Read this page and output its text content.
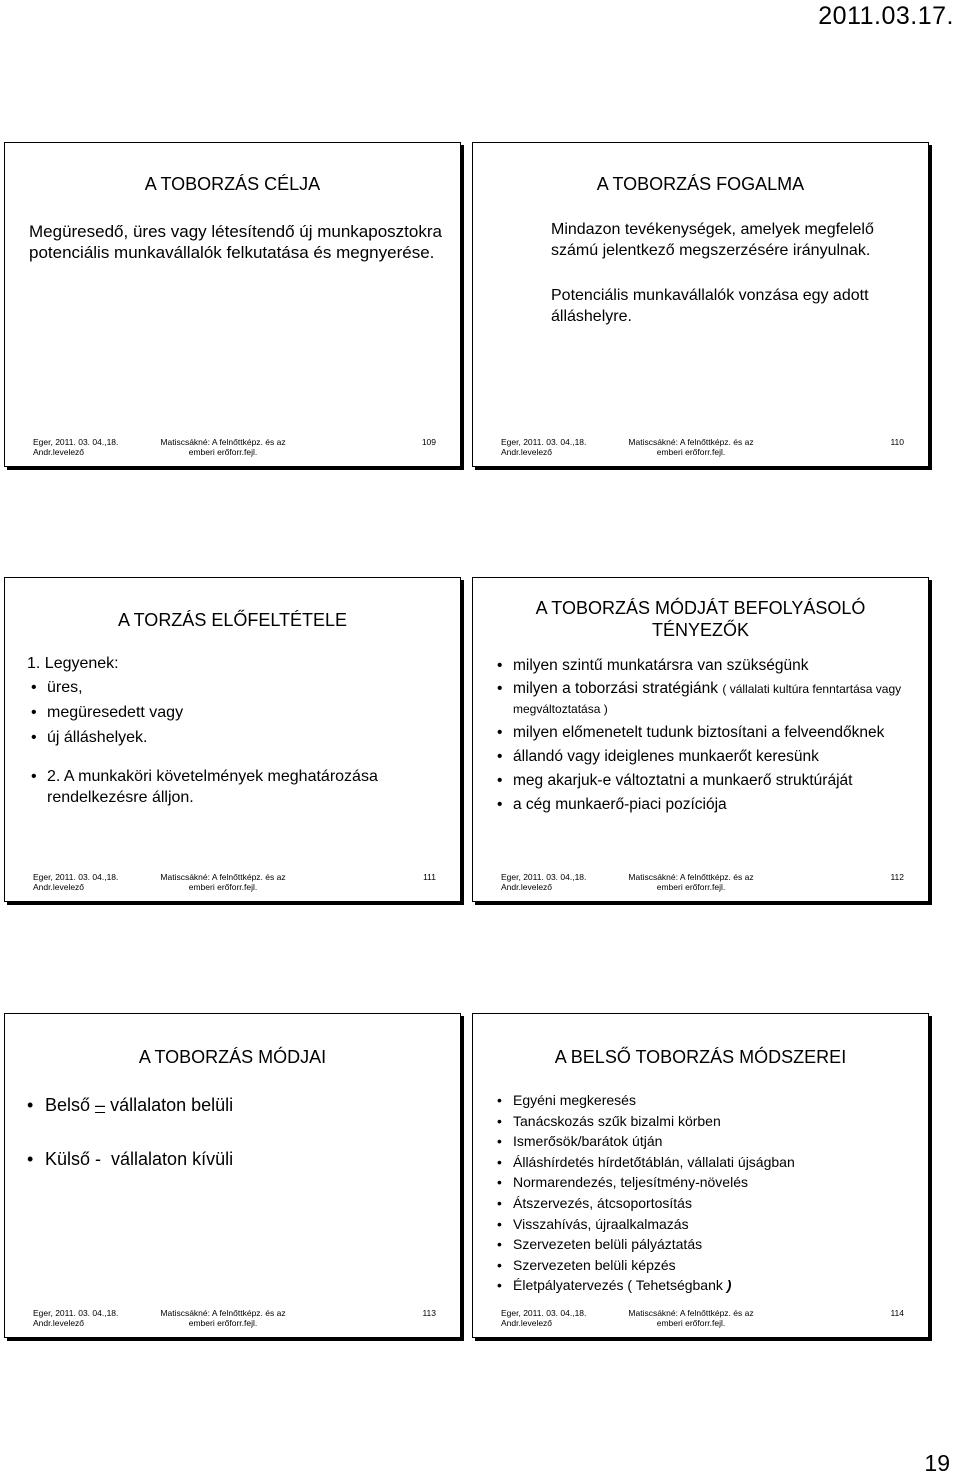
2011.03.17.
A TOBORZÁS CÉLJA

Megüresedő, üres vagy létesítendő új munkaposztokra potenciális munkavállalók felkutatása és megnyerése.

Eger, 2011. 03. 04.,18.
Andr.levelező
Matiscsákné: A felnőttképz. és az
emberi erőforr.fejl.
109
A TOBORZÁS FOGALMA

Mindazon tevékenységek, amelyek megfelelő számú jelentkező megszerzésére irányulnak.

Potenciális munkavállalók vonzása egy adott álláshelyre.

Eger, 2011. 03. 04.,18.
Andr.levelező
Matiscsákné: A felnőttképz. és az
emberi erőforr.fejl.
110
A TORZÁS ELŐFELTÉTELE

1. Legyenek:

• üres,
• megüresedett vagy
• új álláshelyek.
• 2. A munkaköri követelmények meghatározása rendelkezésre álljon.
Eger, 2011. 03. 04.,18.
Andr.levelező
Matiscsákné: A felnőttképz. és az
emberi erőforr.fejl.
111
A TOBORZÁS MÓDJÁT BEFOLYÁSOLÓ
TÉNYEZŐK
• milyen szintű munkatársra van szükségünk
• milyen a toborzási stratégiánk ( vállalati kultúra fenntartása vagy megváltoztatása )
• milyen előmenetelt tudunk biztosítani a felveendőknek
• állandó vagy ideiglenes munkaerőt keresünk
• meg akarjuk-e változtatni a munkaerő struktúráját
• a cég munkaerő-piaci pozíciója
Eger, 2011. 03. 04.,18.
Andr.levelező
Matiscsákné: A felnőttképz. és az
emberi erőforr.fejl.
112
A TOBORZÁS MÓDJAI
• Belső – vállalaton belüli
• Külső -  vállalaton kívüli
Eger, 2011. 03. 04.,18.
Andr.levelező
Matiscsákné: A felnőttképz. és az
emberi erőforr.fejl.
113
A BELSŐ TOBORZÁS MÓDSZEREI
• Egyéni megkeresés
• Tanácskozás szűk bizalmi körben
• Ismerősök/barátok útján
• Álláshírdetés hírdetőtáblán, vállalati újságban
• Normarendezés, teljesítmény-növelés
• Átszervezés, átcsoportosítás
• Visszahívás, újraalkalmazás
• Szervezeten belüli pályáztatás
• Szervezeten belüli képzés
• Életpályatervezés ( Tehetségbank )
Eger, 2011. 03. 04.,18.
Andr.levelező
Matiscsákné: A felnőttképz. és az
emberi erőforr.fejl.
114
19
